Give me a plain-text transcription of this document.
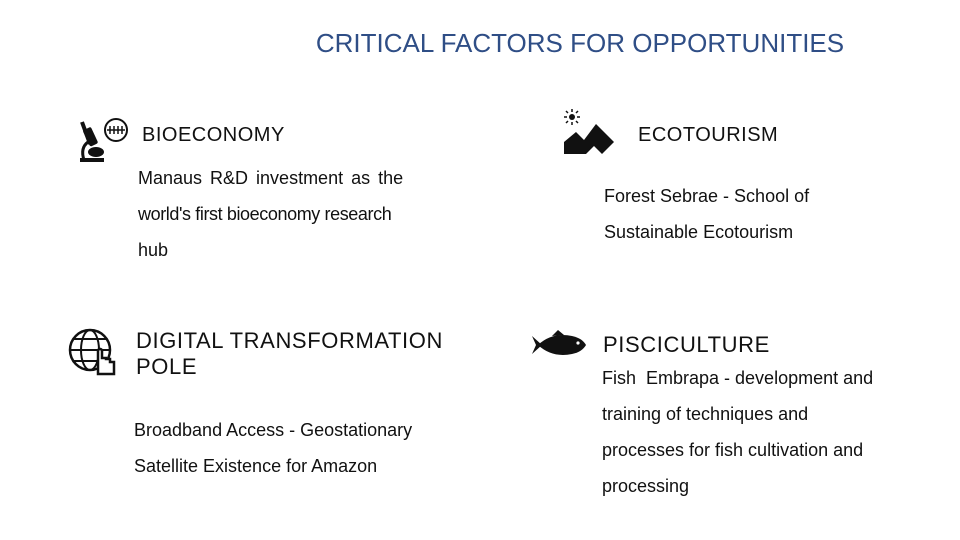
CRITICAL FACTORS FOR OPPORTUNITIES
BIOECONOMY
Manaus R&D investment as the
world's first bioeconomy research
hub
ECOTOURISM
Forest Sebrae - School of
Sustainable Ecotourism
DIGITAL TRANSFORMATION
POLE
Broadband Access - Geostationary
Satellite Existence for Amazon
PISCICULTURE
Fish  Embrapa - development and
training of techniques and
processes for fish cultivation and
processing
